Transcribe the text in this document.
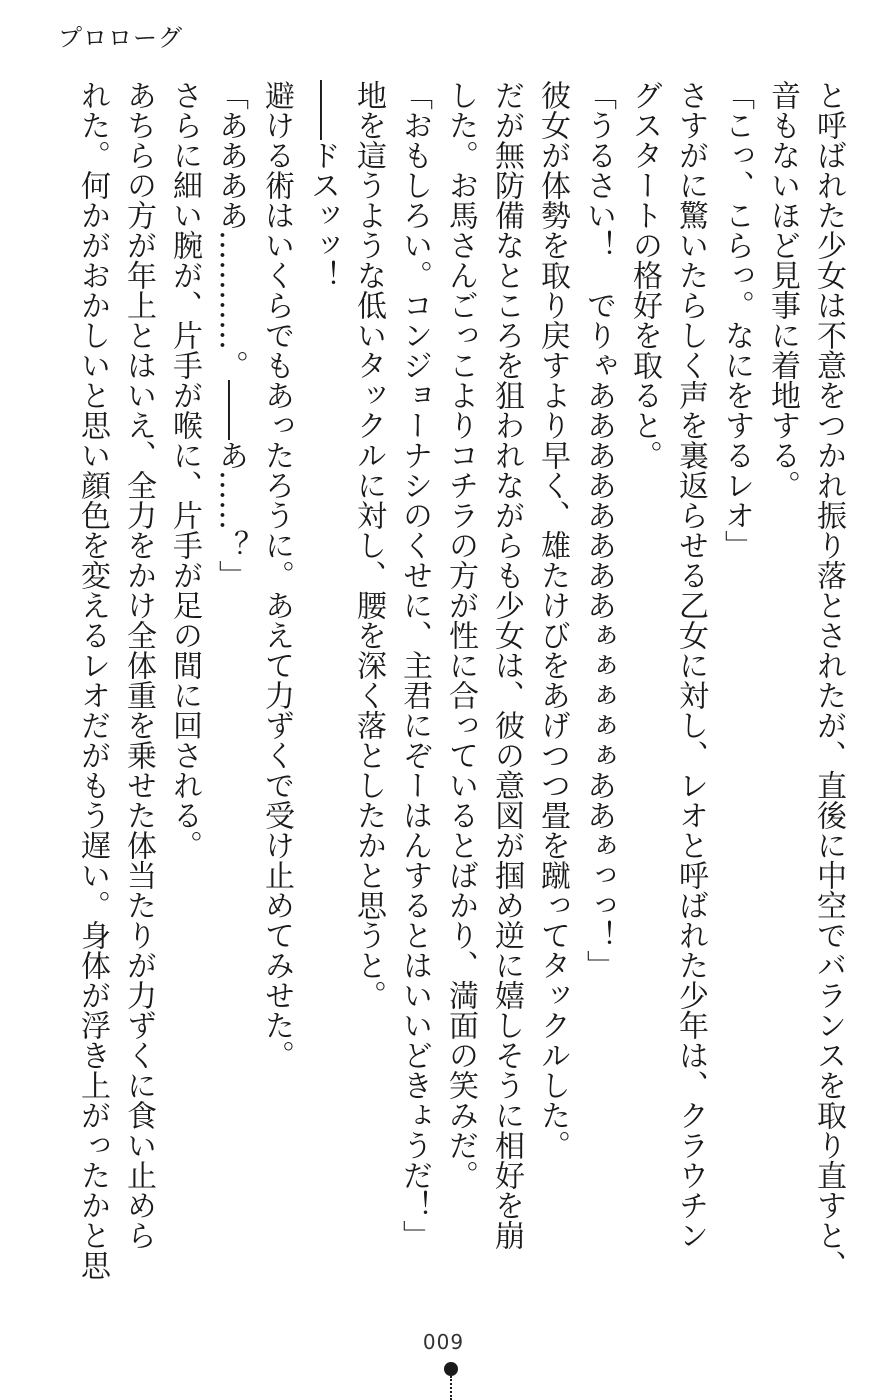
プロローグ

と呼ばれた少女は不意をつかれ振り落とされたが、直後に中空でバランスを取り直すと、

音もないほど見事に着地する。

「こっ、こらっ。なにをするレオ」

さすがに驚いたらしく声を裏返らせる乙女に対し、レオと呼ばれた少年は、クラウチン

グスタートの格好を取ると。

「うるさい！　でりゃああああああああぁぁぁぁぁああぁっっ！」

彼女が体勢を取り戻すより早く、雄たけびをあげつつ畳を蹴ってタックルした。

だが無防備なところを狙われながらも少女は、彼の意図が掴め逆に嬉しそうに相好を崩

した。お馬さんごっこよりコチラの方が性に合っているとばかり、満面の笑みだ。

「おもしろい。コンジョーナシのくせに、主君にぞーはんするとはいいどきょうだ！」

地を這うような低いタックルに対し、腰を深く落としたかと思うと。

――ドスッッ！

避ける術はいくらでもあったろうに。あえて力ずくで受け止めてみせた。

「ああああ…………。――あ……？」

さらに細い腕が、片手が喉に、片手が足の間に回される。

あちらの方が年上とはいえ、全力をかけ全体重を乗せた体当たりが力ずくに食い止めら

れた。何かがおかしいと思い顔色を変えるレオだがもう遅い。身体が浮き上がったかと思

009
